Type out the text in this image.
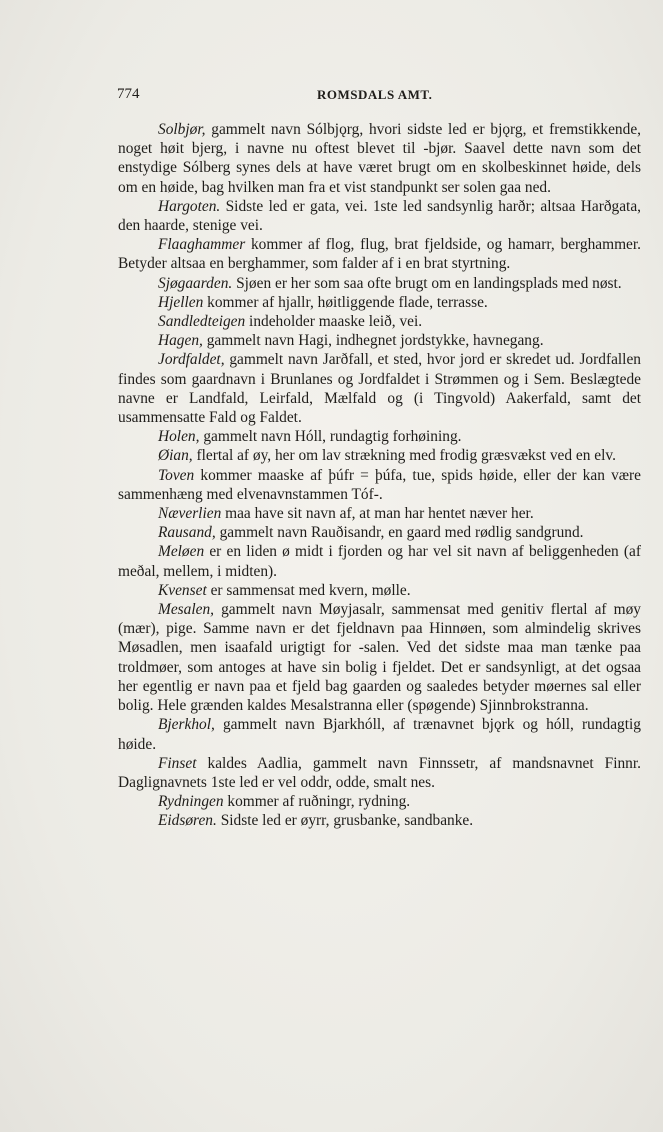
774	ROMSDALS AMT.

Solbjør, gammelt navn Sólbjǫrg, hvori sidste led er bjǫrg, et fremstikkende, noget høit bjerg, i navne nu oftest blevet til -bjør. Saavel dette navn som det enstydige Sólberg synes dels at have været brugt om en skolbeskinnet høide, dels om en høide, bag hvilken man fra et vist standpunkt ser solen gaa ned.

Hargoten. Sidste led er gata, vei. 1ste led sandsynlig harðr; altsaa Harðgata, den haarde, stenige vei.

Flaaghammer kommer af flog, flug, brat fjeldside, og hamarr, berghammer. Betyder altsaa en berghammer, som falder af i en brat styrtning.

Sjøgaarden. Sjøen er her som saa ofte brugt om en landingsplads med nøst.

Hjellen kommer af hjallr, høitliggende flade, terrasse.

Sandledteigen indeholder maaske leið, vei.

Hagen, gammelt navn Hagi, indhegnet jordstykke, havnegang.

Jordfaldet, gammelt navn Jarðfall, et sted, hvor jord er skredet ud. Jordfallen findes som gaardnavn i Brunlanes og Jordfaldet i Strømmen og i Sem. Beslægtede navne er Landfald, Leirfald, Mælfald og (i Tingvold) Aakerfald, samt det usammensatte Fald og Faldet.

Holen, gammelt navn Hóll, rundagtig forhøining.

Øian, flertal af øy, her om lav strækning med frodig græsvækst ved en elv.

Toven kommer maaske af þúfr = þúfa, tue, spids høide, eller der kan være sammenhæng med elvenavnstammen Tóf-.

Næverlien maa have sit navn af, at man har hentet næver her.

Rausand, gammelt navn Rauðisandr, en gaard med rødlig sandgrund.

Meløen er en liden ø midt i fjorden og har vel sit navn af beliggenheden (af meðal, mellem, i midten).

Kvenset er sammensat med kvern, mølle.

Mesalen, gammelt navn Møyjasalr, sammensat med genitiv flertal af møy (mær), pige. Samme navn er det fjeldnavn paa Hinnøen, som almindelig skrives Møsadlen, men isaafald urigtigt for -salen. Ved det sidste maa man tænke paa troldmøer, som antoges at have sin bolig i fjeldet. Det er sandsynligt, at det ogsaa her egentlig er navn paa et fjeld bag gaarden og saaledes betyder møernes sal eller bolig. Hele grænden kaldes Mesalstranna eller (spøgende) Sjinnbrokstranna.

Bjerkhol, gammelt navn Bjarkhóll, af trænavnet bjǫrk og hóll, rundagtig høide.

Finset kaldes Aadlia, gammelt navn Finnssetr, af mandsnavnet Finnr. Daglignavnets 1ste led er vel oddr, odde, smalt nes.

Rydningen kommer af ruðningr, rydning.

Eidsøren. Sidste led er øyrr, grusbanke, sandbanke.
